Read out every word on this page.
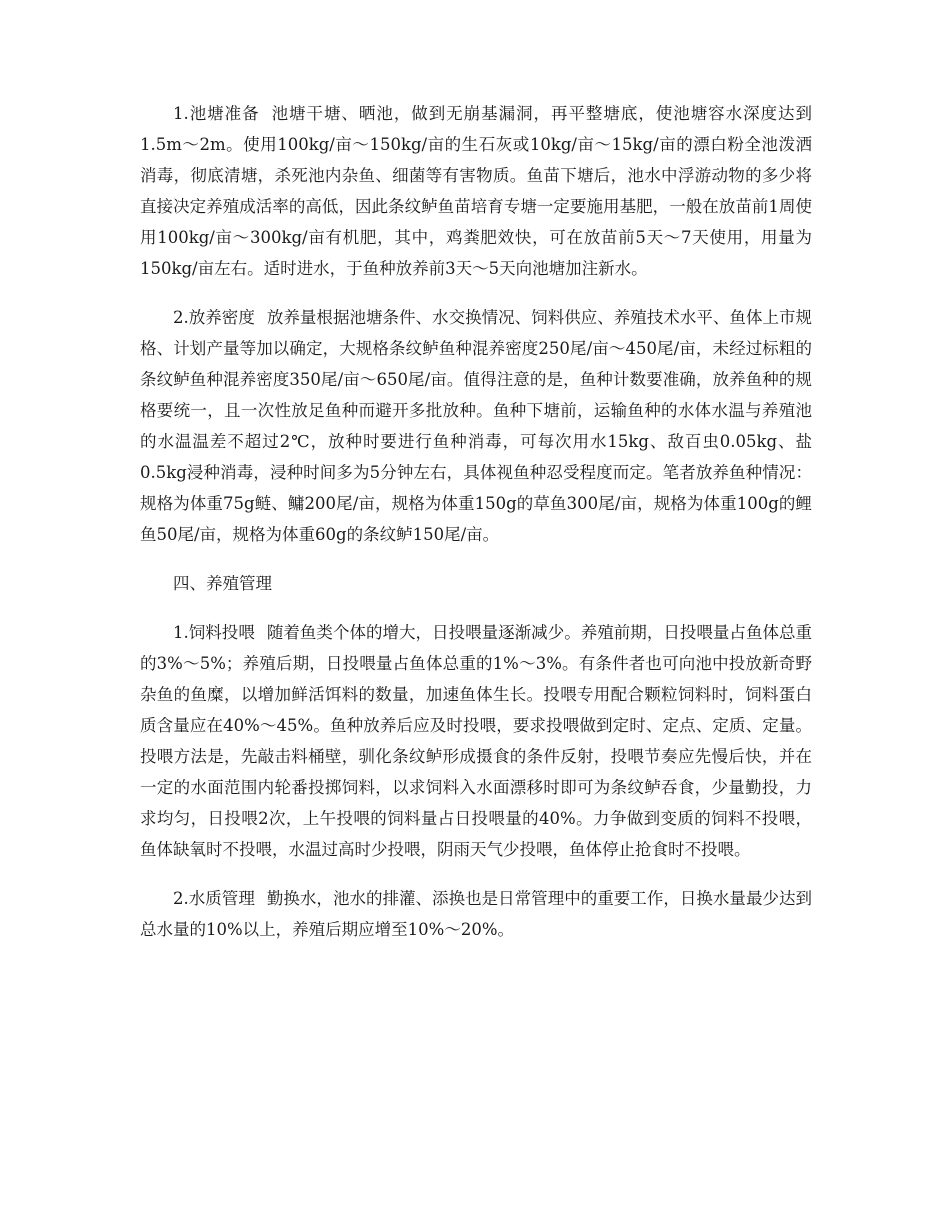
1.池塘准备 池塘干塘、晒池，做到无崩基漏洞，再平整塘底，使池塘容水深度达到1.5m～2m。使用100kg/亩～150kg/亩的生石灰或10kg/亩～15kg/亩的漂白粉全池泼洒消毒，彻底清塘，杀死池内杂鱼、细菌等有害物质。鱼苗下塘后，池水中浮游动物的多少将直接决定养殖成活率的高低，因此条纹鲈鱼苗培育专塘一定要施用基肥，一般在放苗前1周使用100kg/亩～300kg/亩有机肥，其中，鸡粪肥效快，可在放苗前5天～7天使用，用量为150kg/亩左右。适时进水，于鱼种放养前3天～5天向池塘加注新水。

2.放养密度 放养量根据池塘条件、水交换情况、饲料供应、养殖技术水平、鱼体上市规格、计划产量等加以确定，大规格条纹鲈鱼种混养密度250尾/亩～450尾/亩，未经过标粗的条纹鲈鱼种混养密度350尾/亩～650尾/亩。值得注意的是，鱼种计数要准确，放养鱼种的规格要统一，且一次性放足鱼种而避开多批放种。鱼种下塘前，运输鱼种的水体水温与养殖池的水温温差不超过2℃，放种时要进行鱼种消毒，可每次用水15kg、敌百虫0.05kg、盐0.5kg浸种消毒，浸种时间多为5分钟左右，具体视鱼种忍受程度而定。笔者放养鱼种情况：规格为体重75g鲢、鳙200尾/亩，规格为体重150g的草鱼300尾/亩，规格为体重100g的鲤鱼50尾/亩，规格为体重60g的条纹鲈150尾/亩。

四、养殖管理

1.饲料投喂 随着鱼类个体的增大，日投喂量逐渐减少。养殖前期，日投喂量占鱼体总重的3%～5%；养殖后期，日投喂量占鱼体总重的1%～3%。有条件者也可向池中投放新奇野杂鱼的鱼糜，以增加鲜活饵料的数量，加速鱼体生长。投喂专用配合颗粒饲料时，饲料蛋白质含量应在40%～45%。鱼种放养后应及时投喂，要求投喂做到定时、定点、定质、定量。投喂方法是，先敲击料桶壁，驯化条纹鲈形成摄食的条件反射，投喂节奏应先慢后快，并在一定的水面范围内轮番投掷饲料，以求饲料入水面漂移时即可为条纹鲈吞食，少量勤投，力求均匀，日投喂2次，上午投喂的饲料量占日投喂量的40%。力争做到变质的饲料不投喂，鱼体缺氧时不投喂，水温过高时少投喂，阴雨天气少投喂，鱼体停止抢食时不投喂。

2.水质管理 勤换水，池水的排灌、添换也是日常管理中的重要工作，日换水量最少达到总水量的10%以上，养殖后期应增至10%～20%。
